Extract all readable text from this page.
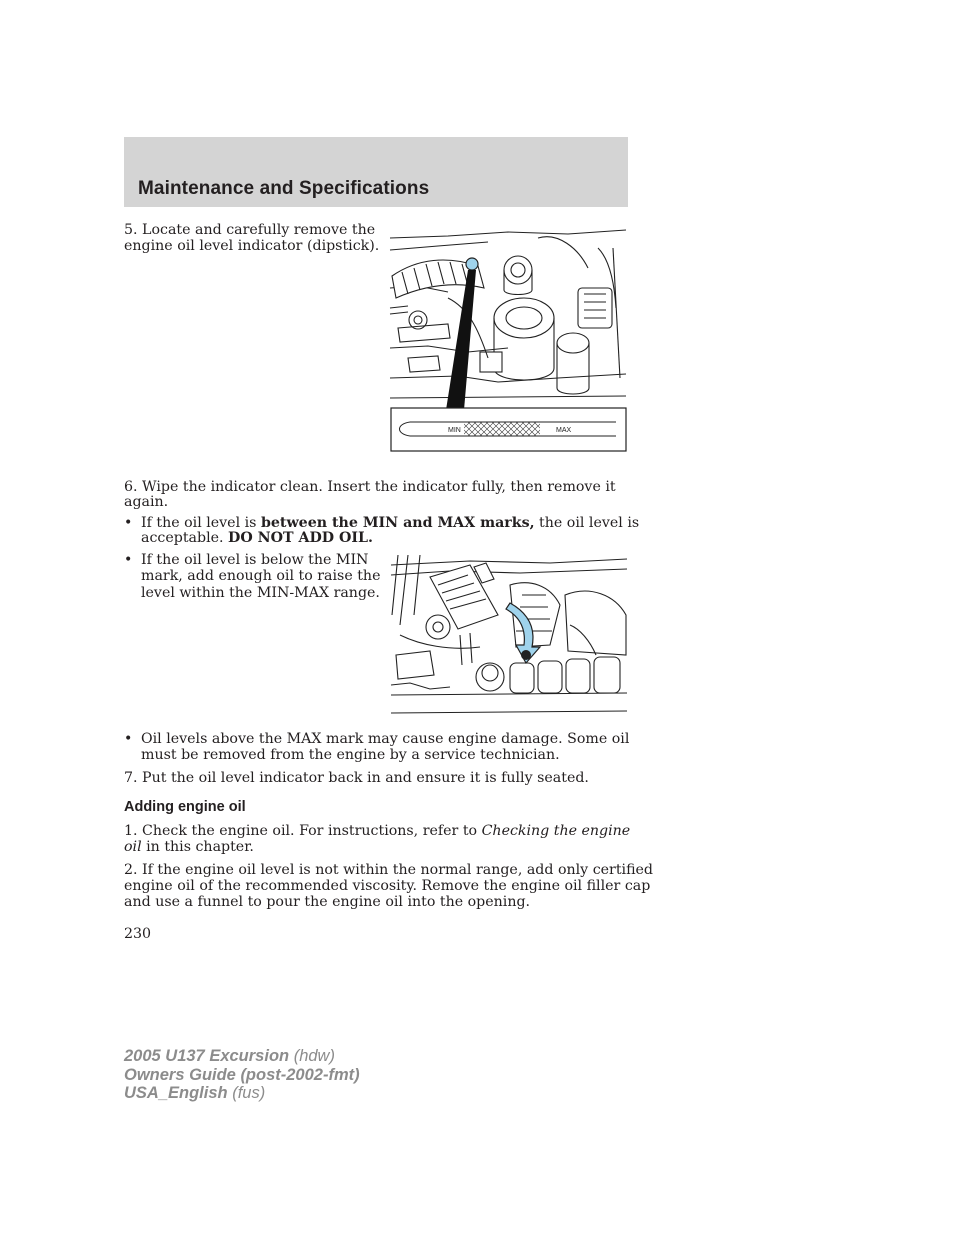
Maintenance and Specifications

5. Locate and carefully remove the

engine oil level indicator (dipstick).

MIN	MAX

6. Wipe the indicator clean. Insert the indicator fully, then remove it

again.

• If the oil level is between the MIN and MAX marks, the oil level is
acceptable. DO NOT ADD OIL.
• If the oil level is below the MIN
mark, add enough oil to raise the
level within the MIN-MAX range.
• Oil levels above the MAX mark may cause engine damage. Some oil
must be removed from the engine by a service technician.

7. Put the oil level indicator back in and ensure it is fully seated.

Adding engine oil

1. Check the engine oil. For instructions, refer to Checking the engine

oil in this chapter.

2. If the engine oil level is not within the normal range, add only certified

engine oil of the recommended viscosity. Remove the engine oil filler cap

and use a funnel to pour the engine oil into the opening.

230

2005 U137 Excursion (hdw)
Owners Guide (post-2002-fmt)
USA_English (fus)
